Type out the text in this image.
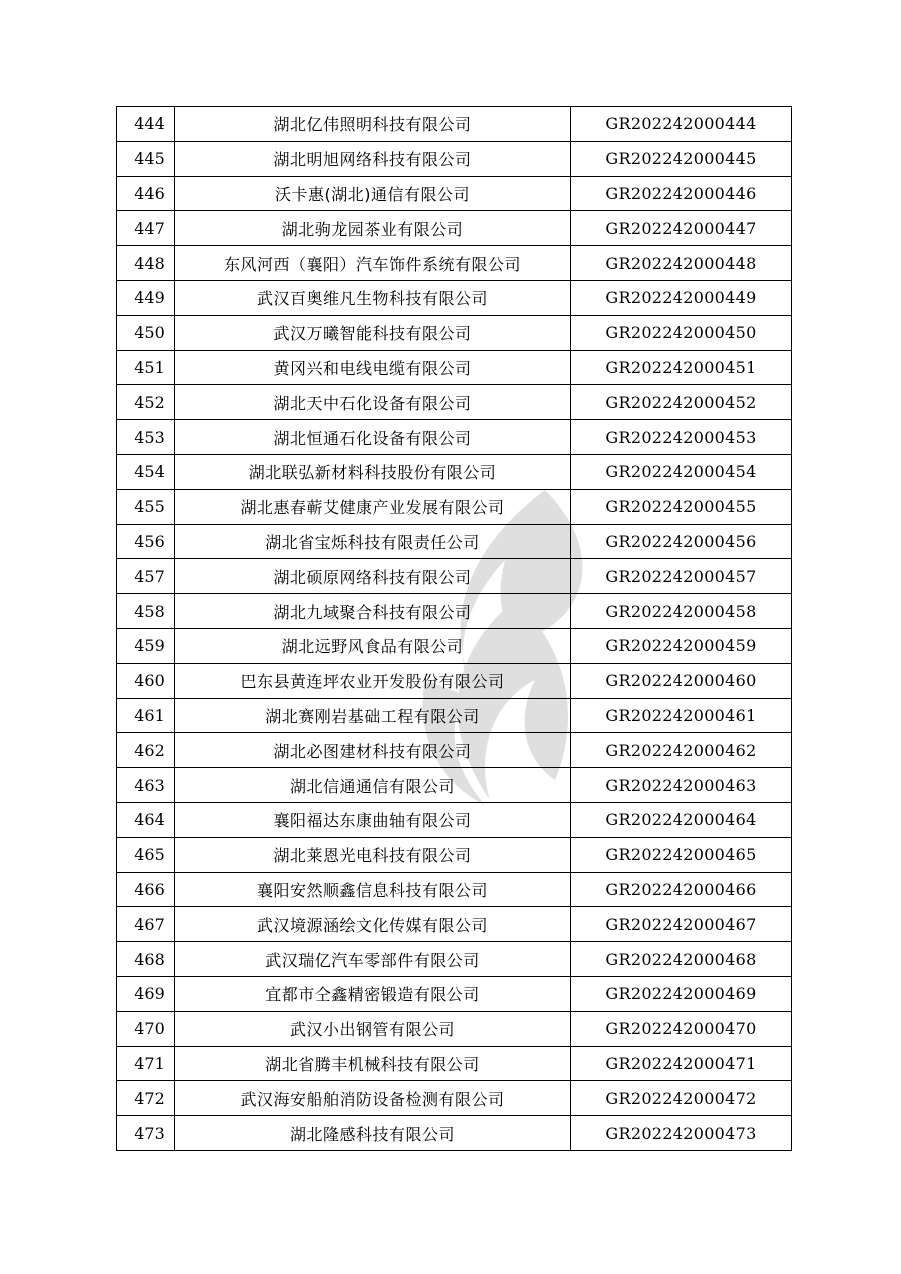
444	湖北亿伟照明科技有限公司	GR202242000444
445	湖北明旭网络科技有限公司	GR202242000445
446	沃卡惠(湖北)通信有限公司	GR202242000446
447	湖北驹龙园茶业有限公司	GR202242000447
448	东风河西（襄阳）汽车饰件系统有限公司	GR202242000448
449	武汉百奥维凡生物科技有限公司	GR202242000449
450	武汉万曦智能科技有限公司	GR202242000450
451	黄冈兴和电线电缆有限公司	GR202242000451
452	湖北天中石化设备有限公司	GR202242000452
453	湖北恒通石化设备有限公司	GR202242000453
454	湖北联弘新材料科技股份有限公司	GR202242000454
455	湖北惠春蕲艾健康产业发展有限公司	GR202242000455
456	湖北省宝烁科技有限责任公司	GR202242000456
457	湖北硕原网络科技有限公司	GR202242000457
458	湖北九域聚合科技有限公司	GR202242000458
459	湖北远野风食品有限公司	GR202242000459
460	巴东县黄连坪农业开发股份有限公司	GR202242000460
461	湖北赛刚岩基础工程有限公司	GR202242000461
462	湖北必图建材科技有限公司	GR202242000462
463	湖北信通通信有限公司	GR202242000463
464	襄阳福达东康曲轴有限公司	GR202242000464
465	湖北莱恩光电科技有限公司	GR202242000465
466	襄阳安然顺鑫信息科技有限公司	GR202242000466
467	武汉境源涵绘文化传媒有限公司	GR202242000467
468	武汉瑞亿汽车零部件有限公司	GR202242000468
469	宜都市仝鑫精密锻造有限公司	GR202242000469
470	武汉小出钢管有限公司	GR202242000470
471	湖北省腾丰机械科技有限公司	GR202242000471
472	武汉海安船舶消防设备检测有限公司	GR202242000472
473	湖北隆感科技有限公司	GR202242000473
